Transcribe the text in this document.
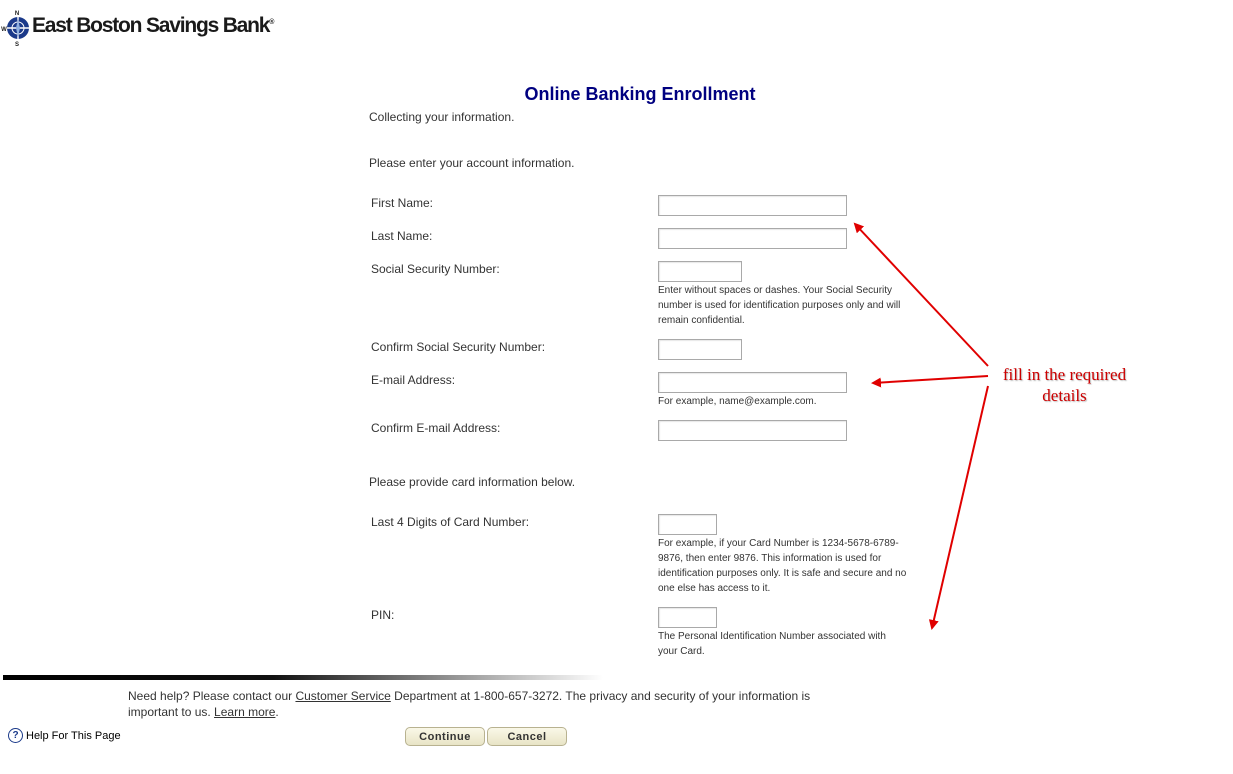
N
W
S
East Boston Savings Bank®
Online Banking Enrollment
Collecting your information.
Please enter your account information.
First Name:
Last Name:
Social Security Number:
Enter without spaces or dashes. Your Social Security number is used for identification purposes only and will remain confidential.
Confirm Social Security Number:
E-mail Address:
For example, name@example.com.
Confirm E-mail Address:
Please provide card information below.
Last 4 Digits of Card Number:
For example, if your Card Number is 1234-5678-6789-9876, then enter 9876. This information is used for identification purposes only. It is safe and secure and no one else has access to it.
PIN:
The Personal Identification Number associated with your Card.
fill in the required
details
Need help? Please contact our Customer Service Department at 1-800-657-3272. The privacy and security of your information is important to us. Learn more.
? Help For This Page	Continue	Cancel
